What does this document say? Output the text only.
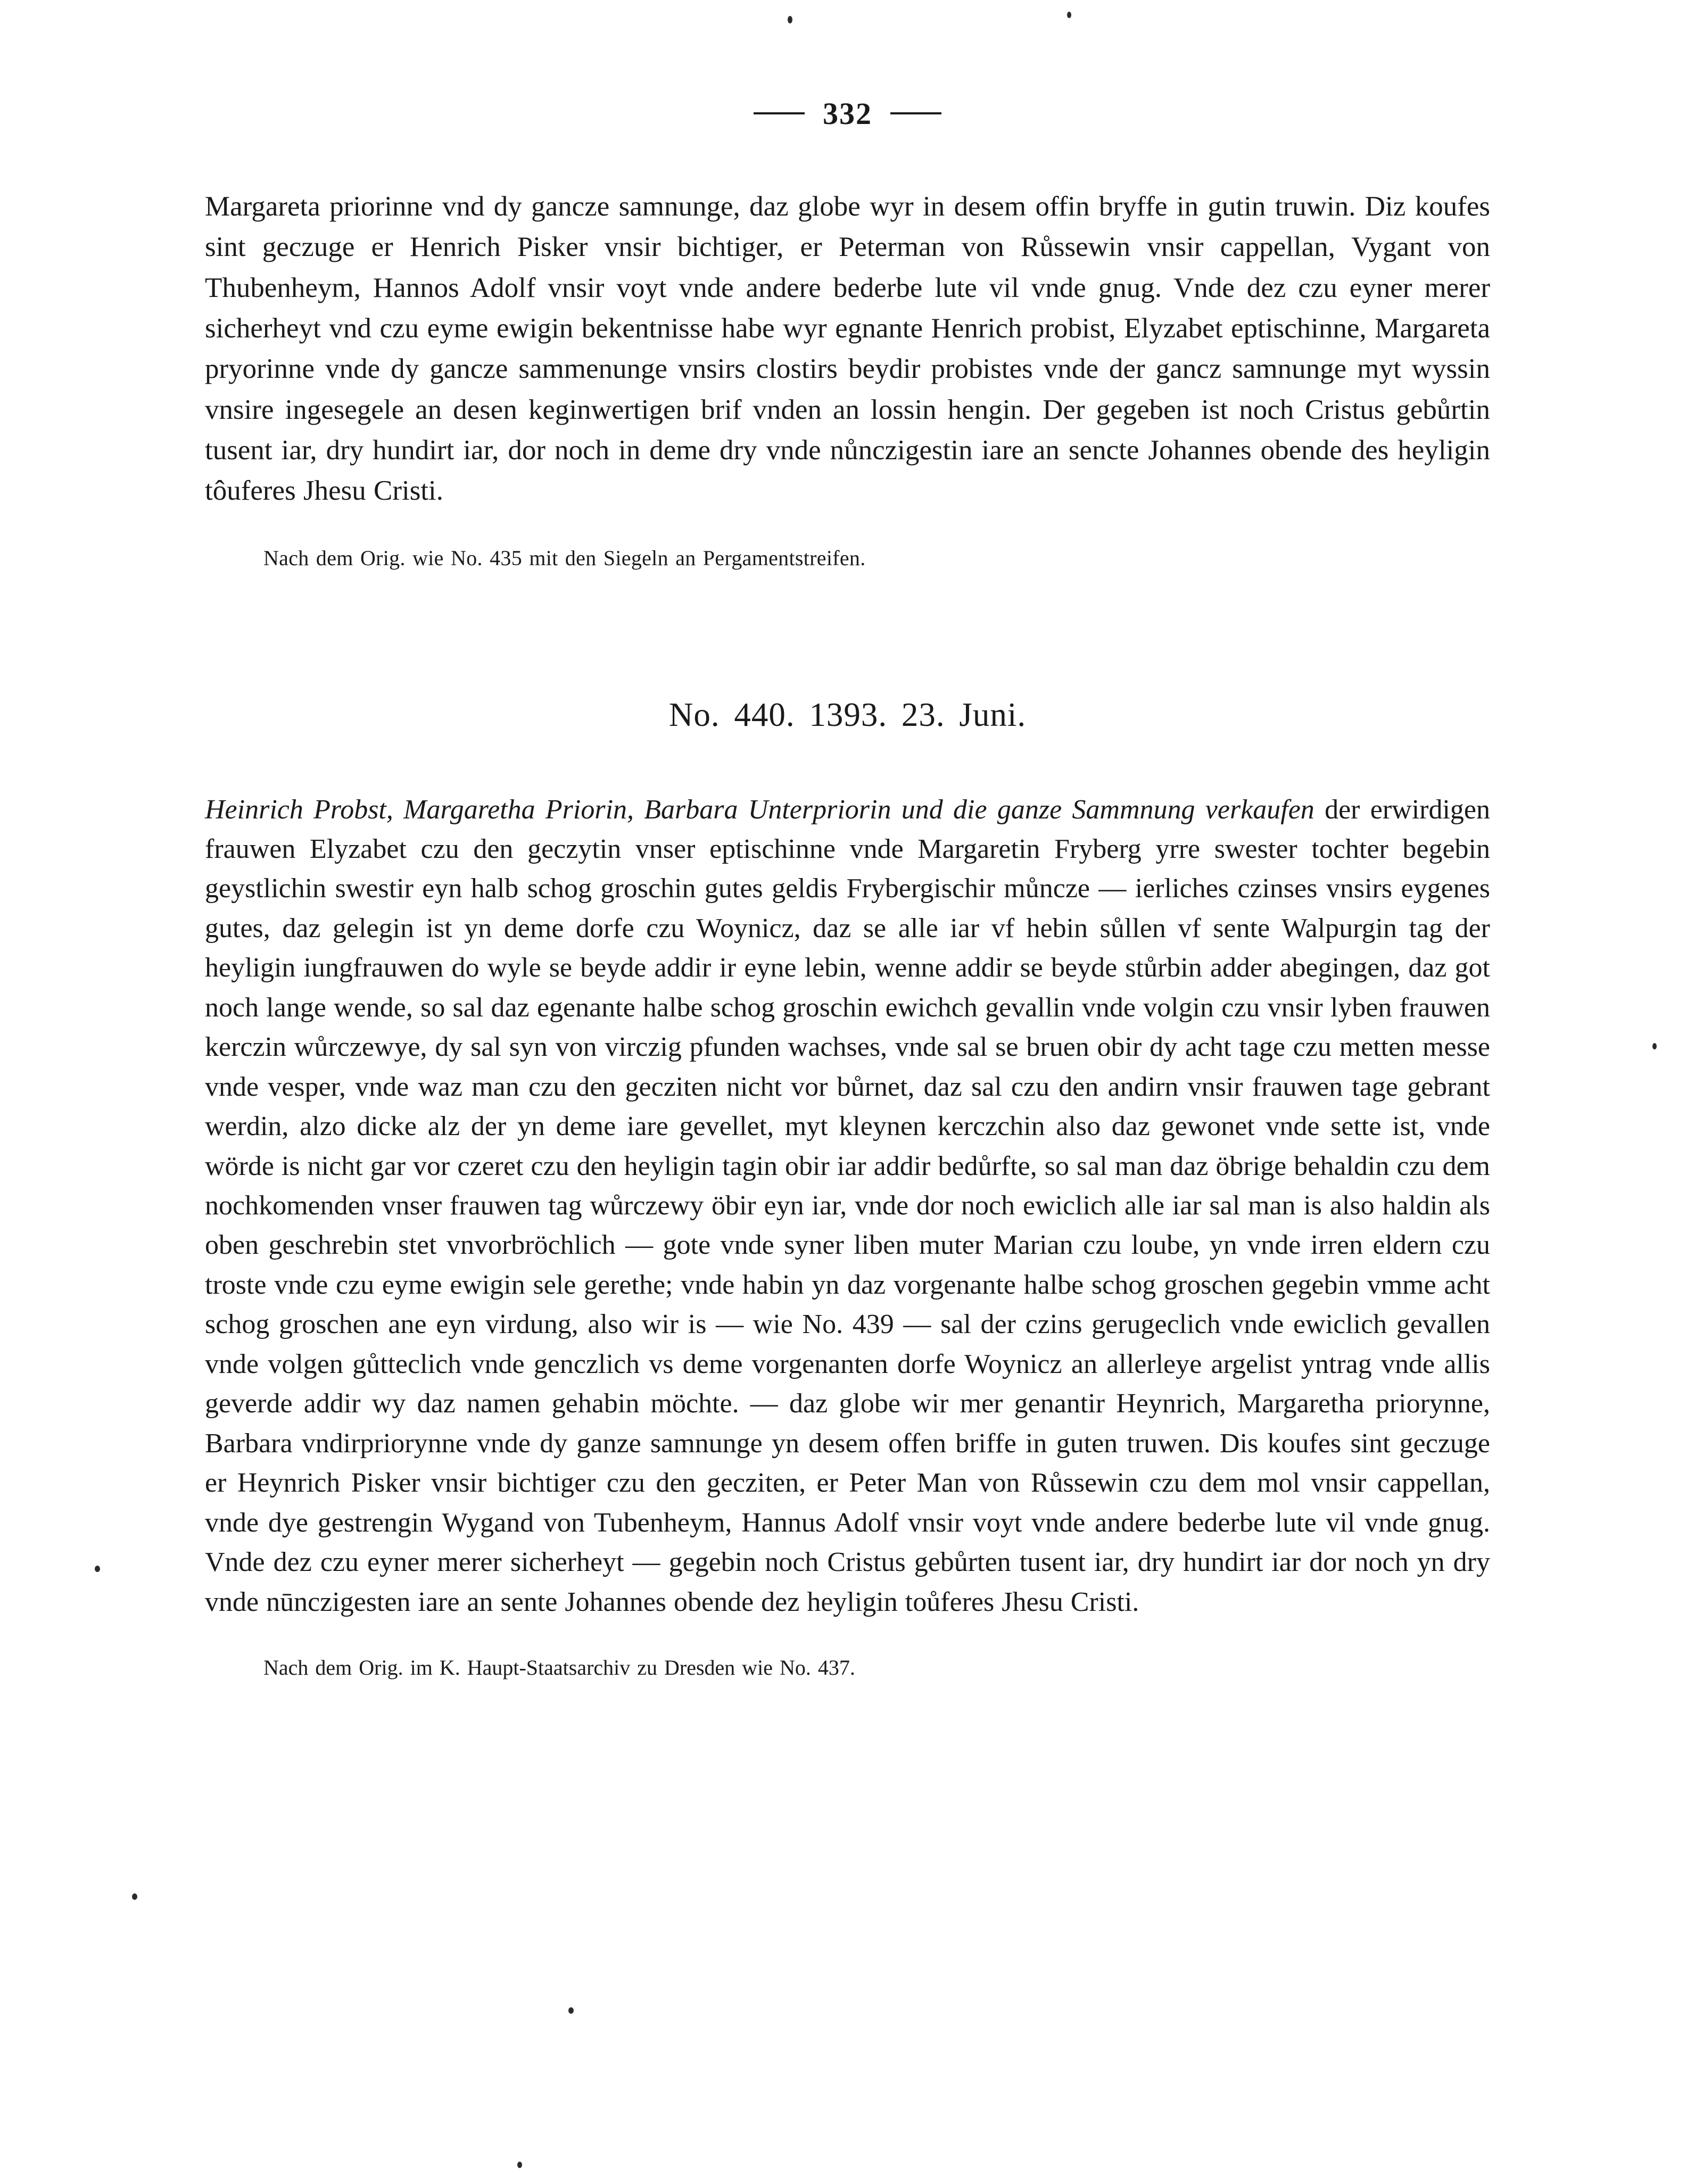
332
Margareta priorinne vnd dy gancze samnunge, daz globe wyr in desem offin bryffe in gutin truwin. Diz koufes sint geczuge er Henrich Pisker vnsir bichtiger, er Peterman von Růssewin vnsir cappellan, Vygant von Thubenheym, Hannos Adolf vnsir voyt vnde andere bederbe lute vil vnde gnug. Vnde dez czu eyner merer sicherheyt vnd czu eyme ewigin bekentnisse habe wyr egnante Henrich probist, Elyzabet eptischinne, Margareta pryorinne vnde dy gancze sammenunge vnsirs clostirs beydir probistes vnde der gancz samnunge myt wyssin vnsire ingesegele an desen keginwertigen brif vnden an lossin hengin. Der gegeben ist noch Cristus gebůrtin tusent iar, dry hundirt iar, dor noch in deme dry vnde nůnczigestin iare an sencte Johannes obende des heyligin tôuferes Jhesu Cristi.
Nach dem Orig. wie No. 435 mit den Siegeln an Pergamentstreifen.
No. 440. 1393. 23. Juni.
Heinrich Probst, Margaretha Priorin, Barbara Unterpriorin und die ganze Sammnung verkaufen der erwirdigen frauwen Elyzabet czu den geczytin vnser eptischinne vnde Margaretin Fryberg yrre swester tochter begebin geystlichin swestir eyn halb schog groschin gutes geldis Frybergischir můncze — ierliches czinses vnsirs eygenes gutes, daz gelegin ist yn deme dorfe czu Woynicz, daz se alle iar vf hebin sůllen vf sente Walpurgin tag der heyligin iungfrauwen do wyle se beyde addir ir eyne lebin, wenne addir se beyde stůrbin adder abegingen, daz got noch lange wende, so sal daz egenante halbe schog groschin ewichch gevallin vnde volgin czu vnsir lyben frauwen kerczin wůrczewye, dy sal syn von virczig pfunden wachses, vnde sal se bruen obir dy acht tage czu metten messe vnde vesper, vnde waz man czu den gecziten nicht vor bůrnet, daz sal czu den andirn vnsir frauwen tage gebrant werdin, alzo dicke alz der yn deme iare gevellet, myt kleynen kerczchin also daz gewonet vnde sette ist, vnde wörde is nicht gar vor czeret czu den heyligin tagin obir iar addir bedůrfte, so sal man daz öbrige behaldin czu dem nochkomenden vnser frauwen tag wůrczewy öbir eyn iar, vnde dor noch ewiclich alle iar sal man is also haldin als oben geschrebin stet vnvorbröchlich — gote vnde syner liben muter Marian czu loube, yn vnde irren eldern czu troste vnde czu eyme ewigin sele gerethe; vnde habin yn daz vorgenante halbe schog groschen gegebin vmme acht schog groschen ane eyn virdung, also wir is — wie No. 439 — sal der czins gerugeclich vnde ewiclich gevallen vnde volgen gůtteclich vnde genczlich vs deme vorgenanten dorfe Woynicz an allerleye argelist yntrag vnde allis geverde addir wy daz namen gehabin möchte. — daz globe wir mer genantir Heynrich, Margaretha priorynne, Barbara vndirpriorynne vnde dy ganze samnunge yn desem offen briffe in guten truwen. Dis koufes sint geczuge er Heynrich Pisker vnsir bichtiger czu den gecziten, er Peter Man von Růssewin czu dem mol vnsir cappellan, vnde dye gestrengin Wygand von Tubenheym, Hannus Adolf vnsir voyt vnde andere bederbe lute vil vnde gnug. Vnde dez czu eyner merer sicherheyt — gegebin noch Cristus gebůrten tusent iar, dry hundirt iar dor noch yn dry vnde nūnczigesten iare an sente Johannes obende dez heyligin toůferes Jhesu Cristi.
Nach dem Orig. im K. Haupt-Staatsarchiv zu Dresden wie No. 437.
